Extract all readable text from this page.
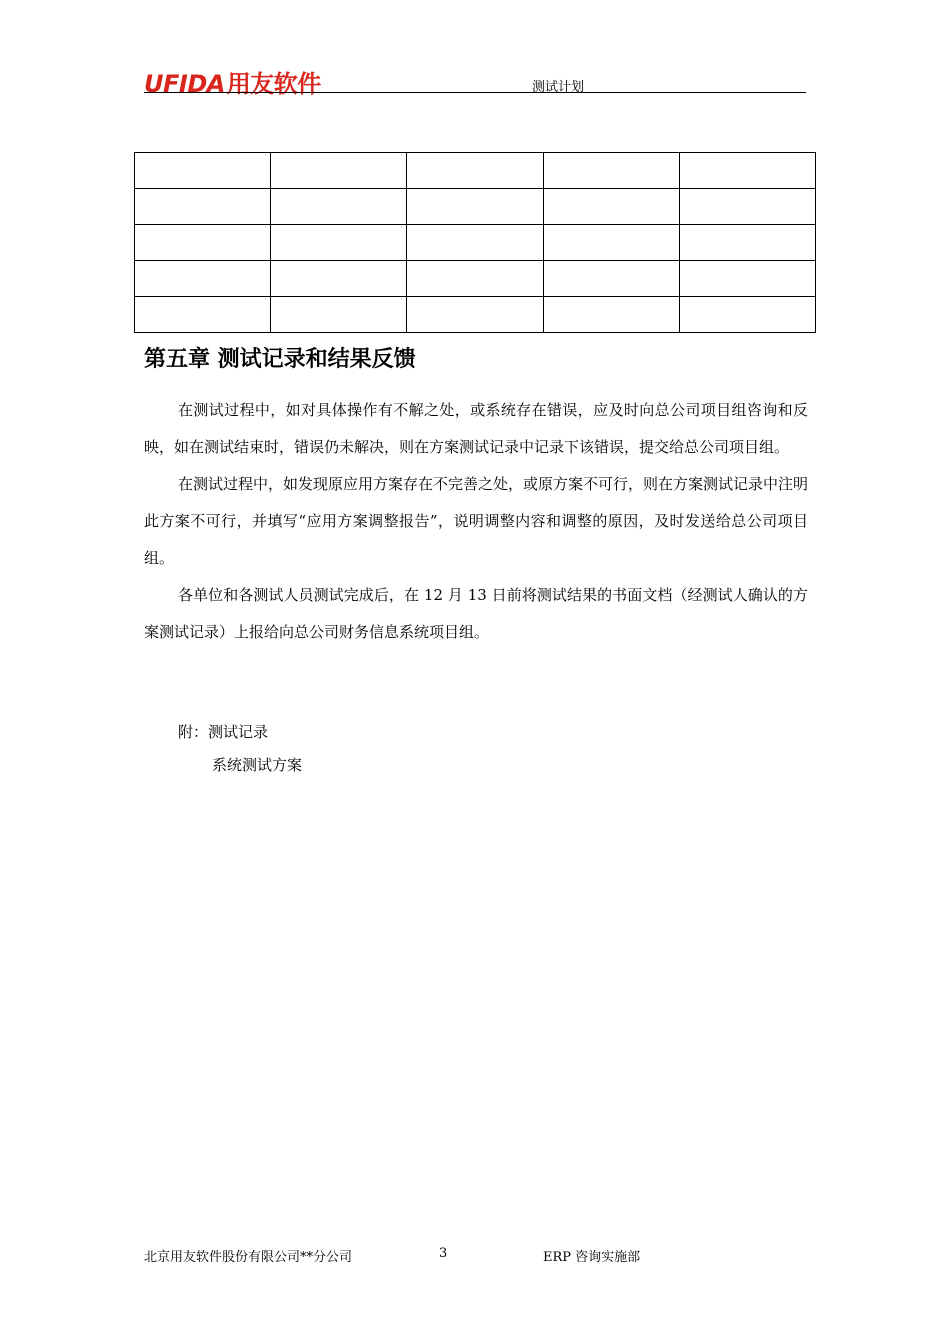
UFIDA 用友软件	测试计划

第五章 测试记录和结果反馈

在测试过程中，如对具体操作有不解之处，或系统存在错误，应及时向总公司项目组咨询和反映，如在测试结束时，错误仍未解决，则在方案测试记录中记录下该错误，提交给总公司项目组。

在测试过程中，如发现原应用方案存在不完善之处，或原方案不可行，则在方案测试记录中注明此方案不可行，并填写“应用方案调整报告”，说明调整内容和调整的原因，及时发送给总公司项目组。

各单位和各测试人员测试完成后，在 12 月 13 日前将测试结果的书面文档（经测试人确认的方案测试记录）上报给向总公司财务信息系统项目组。

附：测试记录
系统测试方案
北京用友软件股份有限公司**分公司	3	ERP 咨询实施部
